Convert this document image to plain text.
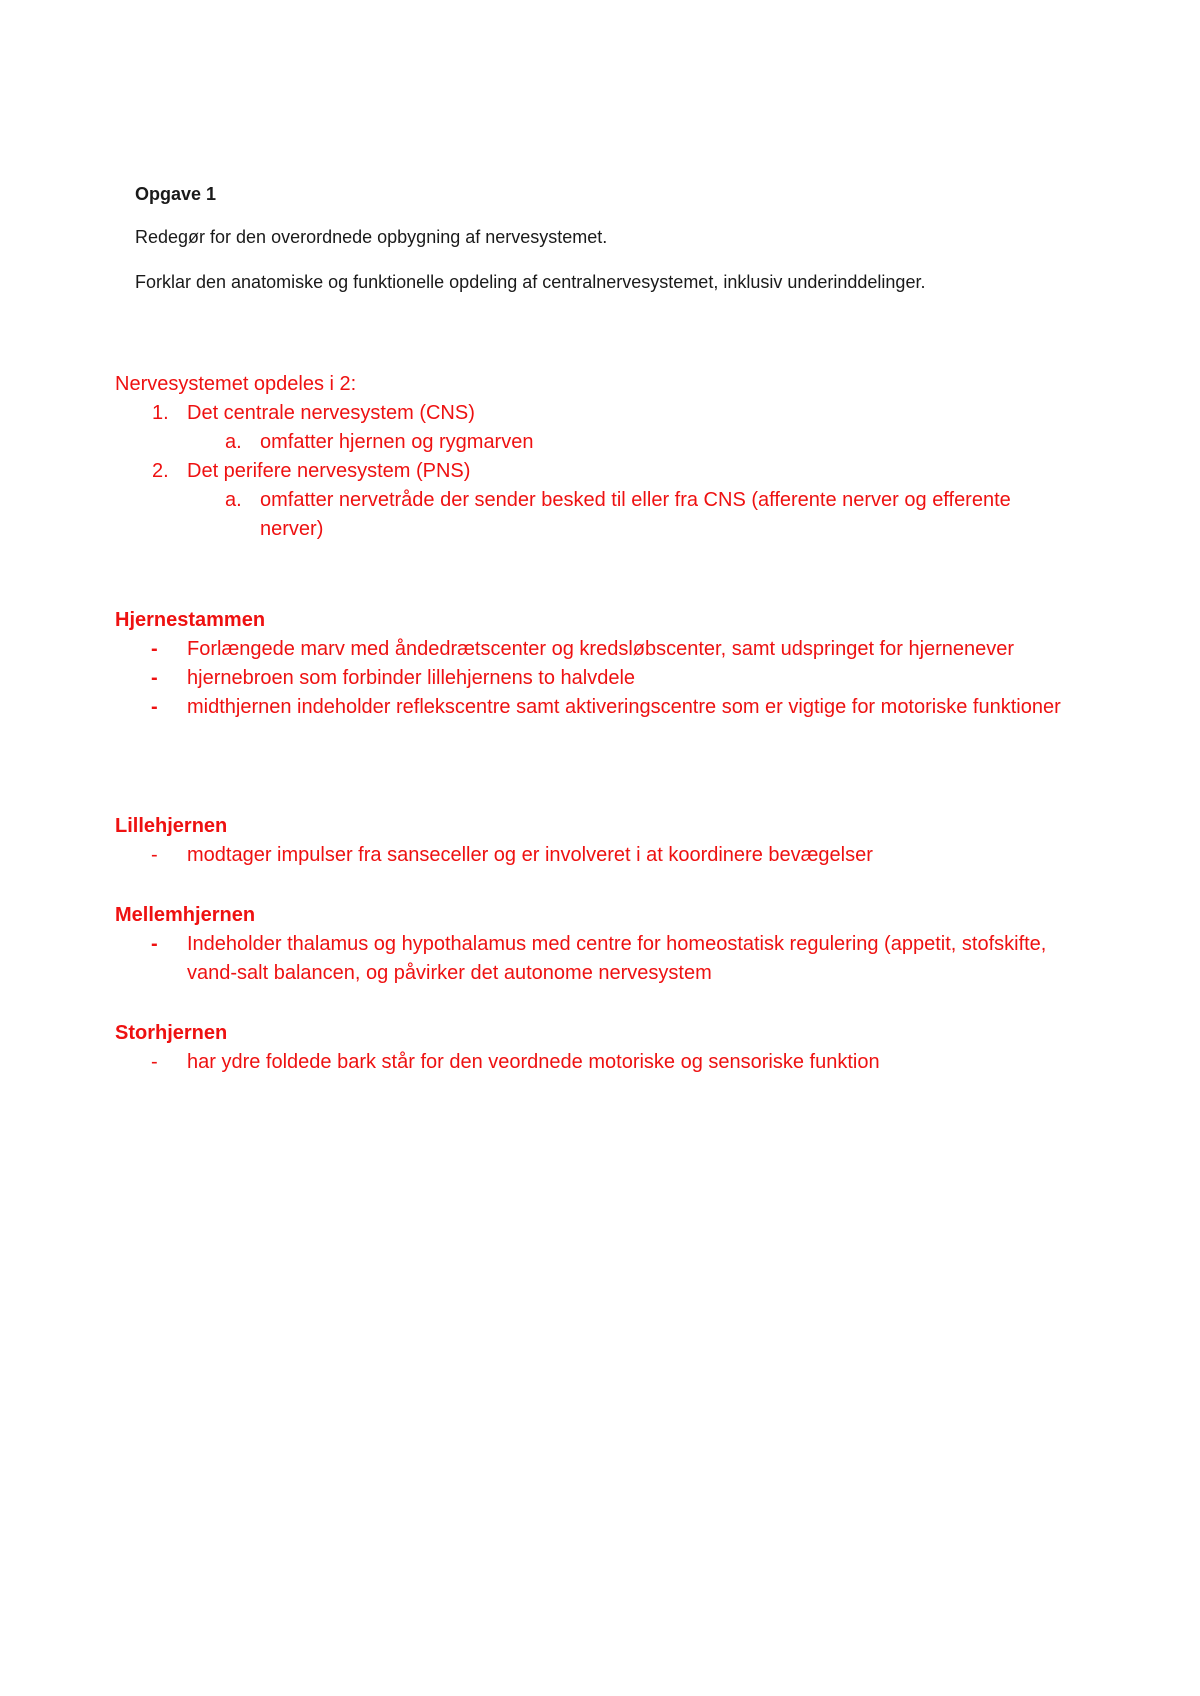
Opgave 1

Redegør for den overordnede opbygning af nervesystemet.

Forklar den anatomiske og funktionelle opdeling af centralnervesystemet, inklusiv underinddelinger.

Nervesystemet opdeles i 2:

1. Det centrale nervesystem (CNS)
a. omfatter hjernen og rygmarven
2. Det perifere nervesystem (PNS)
a. omfatter nervetråde der sender besked til eller fra CNS (afferente nerver og efferente nerver)

Hjernestammen

- Forlængede marv med åndedrætscenter og kredsløbscenter, samt udspringet for hjernenever
- hjernebroen som forbinder lillehjernens to halvdele
- midthjernen indeholder reflekscentre samt aktiveringscentre som er vigtige for motoriske funktioner

Lillehjernen

- modtager impulser fra sanseceller og er involveret i at koordinere bevægelser

Mellemhjernen

- Indeholder thalamus og hypothalamus med centre for homeostatisk regulering (appetit, stofskifte, vand-salt balancen, og påvirker det autonome nervesystem

Storhjernen

- har ydre foldede bark står for den veordnede motoriske og sensoriske funktion
